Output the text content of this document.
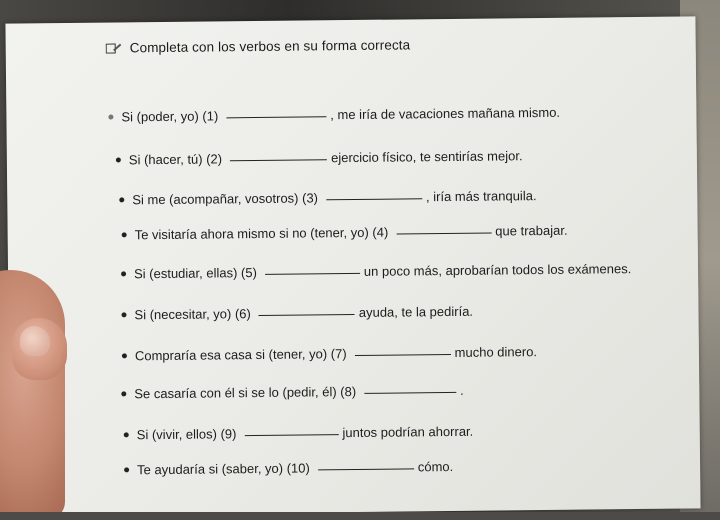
Completa con los verbos en su forma correcta
Si (poder, yo) (1)	, me iría de vacaciones mañana mismo.
Si (hacer, tú) (2)	ejercicio físico, te sentirías mejor.
Si me (acompañar, vosotros) (3)	, iría más tranquila.
Te visitaría ahora mismo si no (tener, yo) (4)	que trabajar.
Si (estudiar, ellas) (5)	un poco más, aprobarían todos los exámenes.
Si (necesitar, yo) (6)	ayuda, te la pediría.
Compraría esa casa si (tener, yo) (7)	mucho dinero.
Se casaría con él si se lo (pedir, él) (8)	.
Si (vivir, ellos) (9)	juntos podrían ahorrar.
Te ayudaría si (saber, yo) (10)	cómo.
